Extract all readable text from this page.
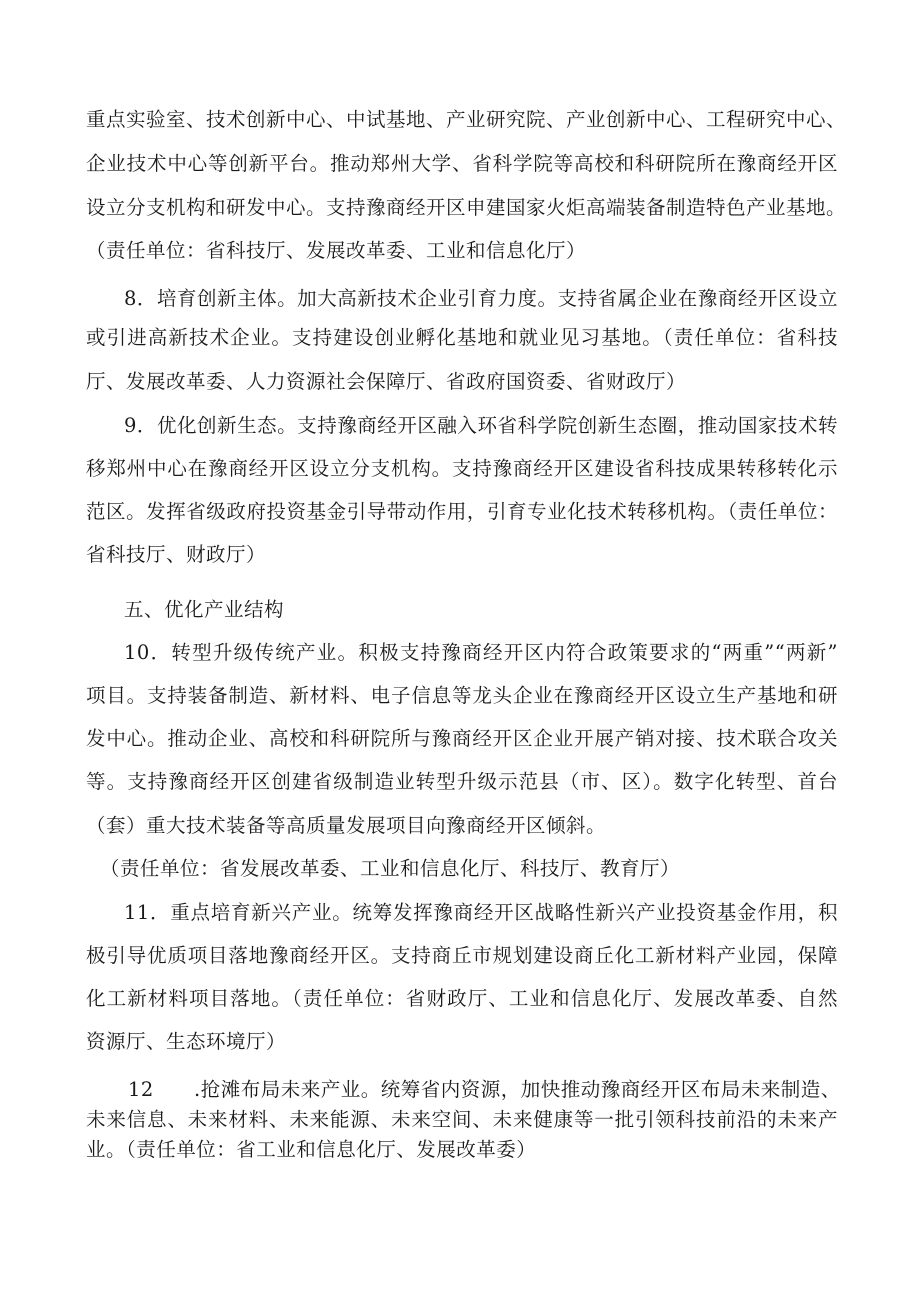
重点实验室、技术创新中心、中试基地、产业研究院、产业创新中心、工程研究中心、
企业技术中心等创新平台。推动郑州大学、省科学院等高校和科研院所在豫商经开区
设立分支机构和研发中心。支持豫商经开区申建国家火炬高端装备制造特色产业基地。
（责任单位：省科技厅、发展改革委、工业和信息化厅）
8．培育创新主体。加大高新技术企业引育力度。支持省属企业在豫商经开区设立
或引进高新技术企业。支持建设创业孵化基地和就业见习基地。（责任单位：省科技
厅、发展改革委、人力资源社会保障厅、省政府国资委、省财政厅）
9．优化创新生态。支持豫商经开区融入环省科学院创新生态圈，推动国家技术转
移郑州中心在豫商经开区设立分支机构。支持豫商经开区建设省科技成果转移转化示
范区。发挥省级政府投资基金引导带动作用，引育专业化技术转移机构。（责任单位：
省科技厅、财政厅）
五、优化产业结构
10．转型升级传统产业。积极支持豫商经开区内符合政策要求的“两重”“两新”
项目。支持装备制造、新材料、电子信息等龙头企业在豫商经开区设立生产基地和研
发中心。推动企业、高校和科研院所与豫商经开区企业开展产销对接、技术联合攻关
等。支持豫商经开区创建省级制造业转型升级示范县（市、区）。数字化转型、首台
（套）重大技术装备等高质量发展项目向豫商经开区倾斜。
（责任单位：省发展改革委、工业和信息化厅、科技厅、教育厅）
11．重点培育新兴产业。统筹发挥豫商经开区战略性新兴产业投资基金作用，积
极引导优质项目落地豫商经开区。支持商丘市规划建设商丘化工新材料产业园，保障
化工新材料项目落地。（责任单位：省财政厅、工业和信息化厅、发展改革委、自然
资源厅、生态环境厅）
12 .抢滩布局未来产业。统筹省内资源，加快推动豫商经开区布局未来制造、
未来信息、未来材料、未来能源、未来空间、未来健康等一批引领科技前沿的未来产
业。（责任单位：省工业和信息化厅、发展改革委）
